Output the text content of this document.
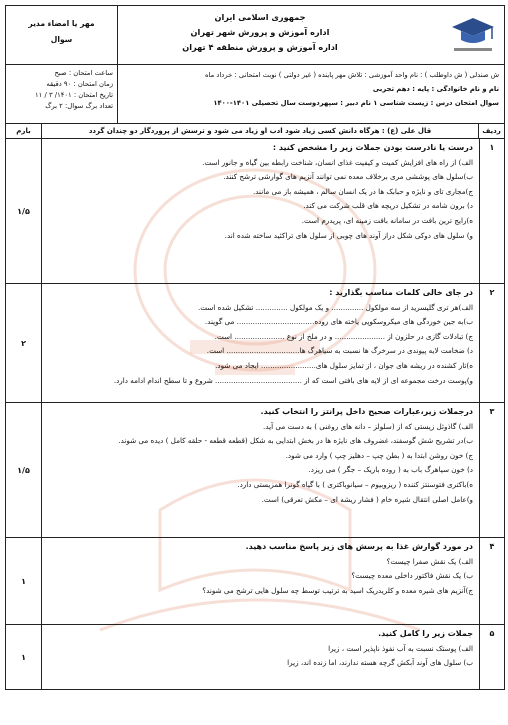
مهر یا امضاء مدیر
سوال
جمهوری اسلامی ایران
اداره آموزش و پرورش شهر تهران
اداره آموزش و پرورش منطقه ۴ تهران
ساعت امتحان : صبح
زمان امتحان : ۹۰ دقیقه
تاریخ امتحان : ۱۴۰۱/ ۳ / ۱۱
تعداد برگ سوال: ۲ برگ
ش صندلی ( ش داوطلب ) : نام واحد آموزشی : تلاش مهر پاینده ( غیر دولتی ) نوبت امتحانی : خرداد ماه
نام و نام خانوادگی : پایه : دهم تجربی
سوال امتحان درس : زیست شناسی ۱ نام دبیر : سپهردوست سال تحصیلی ۱۴۰۱-۱۴۰۰
ردیف
قال علی (ع) : هرگاه دانش کسی زیاد شود ادب او زیاد می شود و ترسش از پروردگار دو چندان گردد
بارم
۱
درست یا نادرست بودن جملات زیر را مشخص کنید :
الف) از راه های افزایش کمیت و کیفیت غذای انسان، شناخت رابطه بین گیاه و جانور است.
ب)سلول های پوششی مری برخلاف معده نمی توانند آنزیم های گوارشی ترشح کنند.
ج)مجاری تای و نایژه و حبابک ها در یک انسان سالم ، همیشه باز می مانند.
د) برون شامه در تشکیل دریچه های قلب شرکت می کند.
ه)رایج ترین بافت در سامانه بافت زمینه ای، پریدرم است.
و) سلول های دوکی شکل دراز آوند های چوبی از سلول های تراکئید ساخته شده اند.
۱/۵
۲
در جای خالی کلمات مناسب بگذارید :
الف)هر تری گلیسرید از سه مولکول .............. و یک مولکول .............. تشکیل شده است.
ب)به جین خوردگی های میکروسکوپی یاخته های روده.................................. می گویند.
ج) تبادلات گازی در حلزون از ...................... و در ملخ از نوع ...................... است.
د) ضخامت لایه پیوندی در سرخرگ ها نسبت به سیاهرگ ها................................ است.
ه)تار کشنده در ریشه های جوان ، از تمایز سلول های........................ ایجاد می شود.
و)پوست درخت مجموعه ای از لایه های بافتی است که از ...................................... شروع و تا سطح اندام ادامه دارد.
۲
۳
درجملات زیر،عبارات صحیح داخل پرانتز را انتخاب کنید.
الف) گاذوئل زیستی که از (سلولز – دانه های روغنی ) به دست می آید.
ب)در تشریح شش گوسفند، غضروف های نایژه ها در بخش ابتدایی به شکل (قطعه قطعه - حلقه کامل ) دیده می شوند.
ج) خون روشن ابتدا به ( بطن چپ – دهلیز چپ ) وارد می شود.
د) خون سیاهرگ باب به ( روده باریک – جگر ) می ریزد.
ه)باکتری فتوسنتز کننده ( ریزوبیوم – سیانوباکتری ) با گیاه گونرا همزیستی دارد.
و)عامل اصلی انتقال شیره خام ( فشار ریشه ای – مکش تعرقی) است.
۱/۵
۴
در مورد گوارش غذا به پرسش های زیر پاسخ مناسب دهید.
الف) یک نقش صفرا چیست؟
ب) یک نقش فاکتور داخلی معده چیست؟
ج)آنزیم های شیره معده و کلریدریک اسید به ترتیب توسط چه سلول هایی ترشح می شوند؟
۱
۵
جملات زیر را کامل کنید.
الف) پوستک نسبت به آب نفوذ ناپذیر است ، زیرا
ب) سلول های آوند آبکش گرچه هسته ندارند، اما زنده اند، زیرا
۱
